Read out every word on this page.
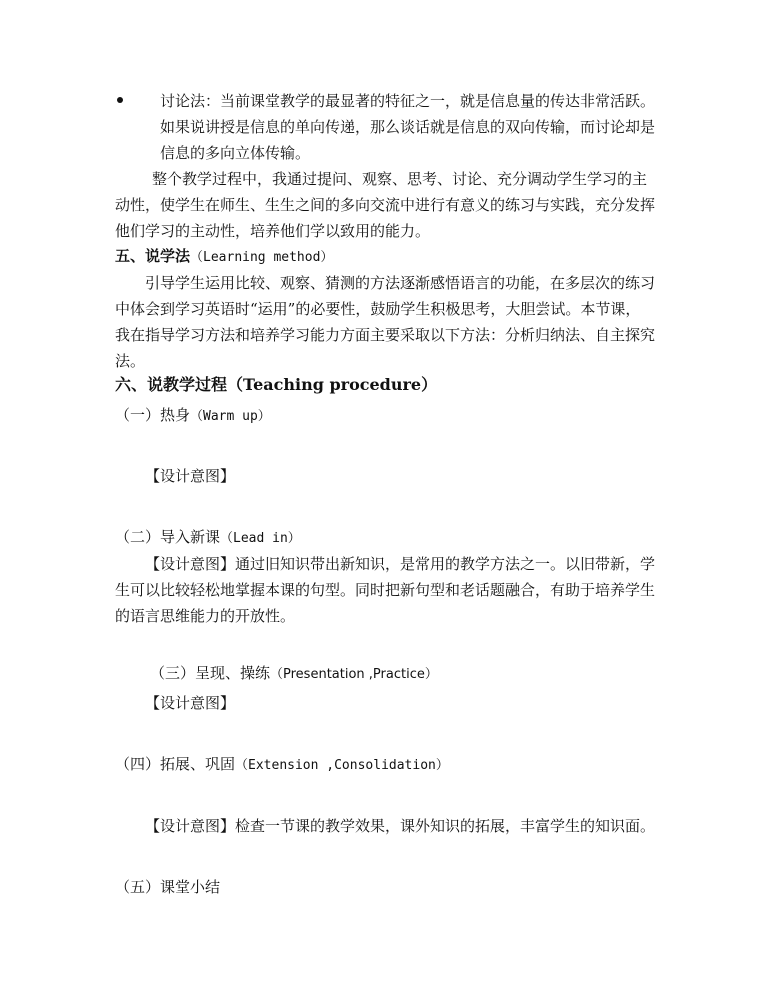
讨论法：当前课堂教学的最显著的特征之一，就是信息量的传达非常活跃。
如果说讲授是信息的单向传递，那么谈话就是信息的双向传输，而讨论却是
信息的多向立体传输。
整个教学过程中，我通过提问、观察、思考、讨论、充分调动学生学习的主
动性，使学生在师生、生生之间的多向交流中进行有意义的练习与实践，充分发挥
他们学习的主动性，培养他们学以致用的能力。
五、说学法（Learning method）
引导学生运用比较、观察、猜测的方法逐渐感悟语言的功能，在多层次的练习
中体会到学习英语时“运用”的必要性，鼓励学生积极思考，大胆尝试。本节课，
我在指导学习方法和培养学习能力方面主要采取以下方法：分析归纳法、自主探究
法。
六、说教学过程（Teaching procedure）
（一）热身（Warm up）
【设计意图】
（二）导入新课（Lead in）
【设计意图】通过旧知识带出新知识，是常用的教学方法之一。以旧带新，学
生可以比较轻松地掌握本课的句型。同时把新句型和老话题融合，有助于培养学生
的语言思维能力的开放性。
（三）呈现、操练（Presentation ,Practice）
【设计意图】
（四）拓展、巩固（Extension ,Consolidation）
【设计意图】检查一节课的教学效果，课外知识的拓展，丰富学生的知识面。
（五）课堂小结
